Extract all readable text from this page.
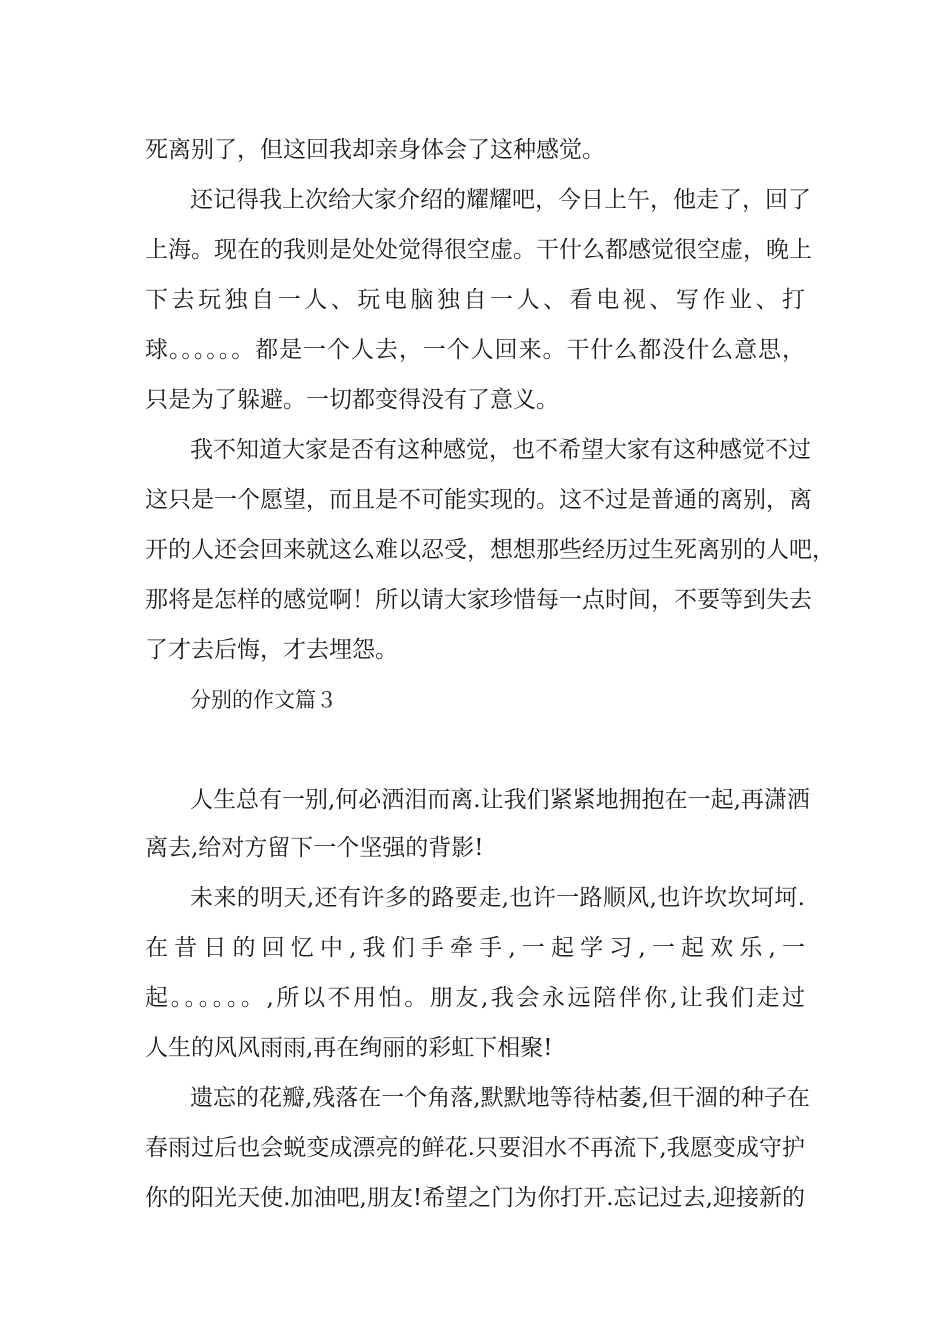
死离别了，但这回我却亲身体会了这种感觉。
还记得我上次给大家介绍的耀耀吧，今日上午，他走了，回了
上海。现在的我则是处处觉得很空虚。干什么都感觉很空虚，晚上
下去玩独自一人、玩电脑独自一人、看电视、写作业、打
球。。。。。。都是一个人去，一个人回来。干什么都没什么意思，
只是为了躲避。一切都变得没有了意义。
我不知道大家是否有这种感觉，也不希望大家有这种感觉不过
这只是一个愿望，而且是不可能实现的。这不过是普通的离别，离
开的人还会回来就这么难以忍受，想想那些经历过生死离别的人吧，
那将是怎样的感觉啊！所以请大家珍惜每一点时间，不要等到失去
了才去后悔，才去埋怨。
分别的作文篇３
人生总有一别,何必洒泪而离.让我们紧紧地拥抱在一起,再潇洒
离去,给对方留下一个坚强的背影!
未来的明天,还有许多的路要走,也许一路顺风,也许坎坎坷坷.
在昔日的回忆中,我们手牵手,一起学习,一起欢乐,一
起。。。。。。,所以不用怕。朋友,我会永远陪伴你,让我们走过
人生的风风雨雨,再在绚丽的彩虹下相聚!
遗忘的花瓣,残落在一个角落,默默地等待枯萎,但干涸的种子在
春雨过后也会蜕变成漂亮的鲜花.只要泪水不再流下,我愿变成守护
你的阳光天使.加油吧,朋友!希望之门为你打开.忘记过去,迎接新的
